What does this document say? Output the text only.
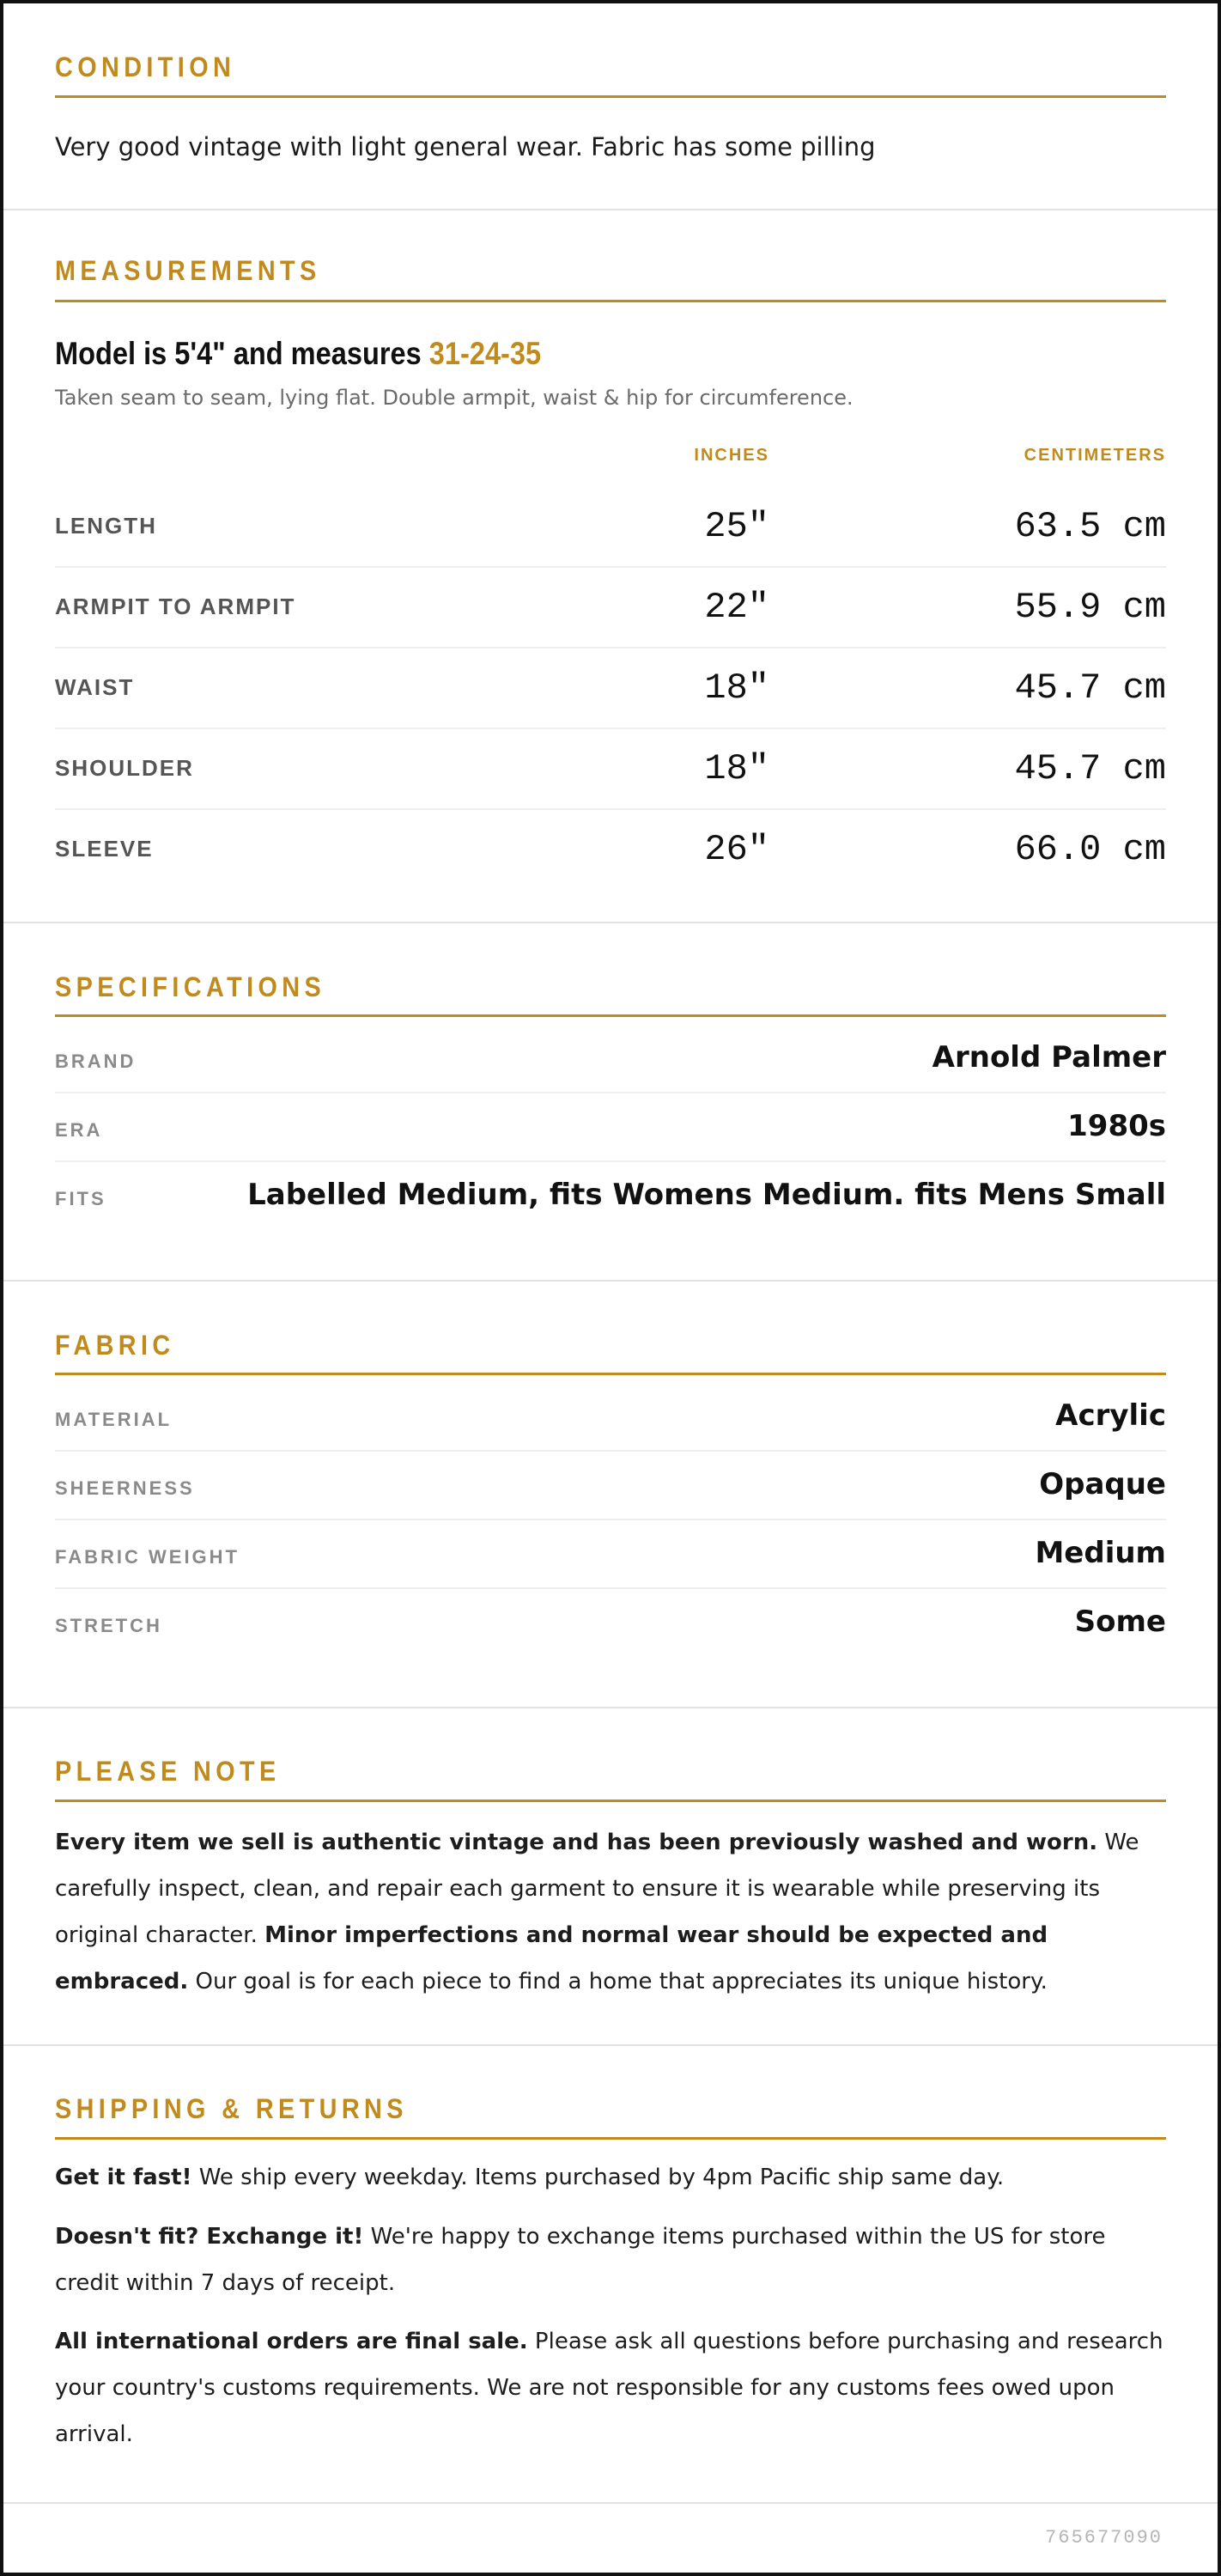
CONDITION
Very good vintage with light general wear. Fabric has some pilling
MEASUREMENTS
Model is 5'4" and measures 31-24-35
Taken seam to seam, lying flat. Double armpit, waist & hip for circumference.
INCHES	CENTIMETERS
LENGTH	25"	63.5 cm
ARMPIT TO ARMPIT	22"	55.9 cm
WAIST	18"	45.7 cm
SHOULDER	18"	45.7 cm
SLEEVE	26"	66.0 cm
SPECIFICATIONS
BRAND	Arnold Palmer
ERA	1980s
FITS	Labelled Medium, fits Womens Medium. fits Mens Small
FABRIC
MATERIAL	Acrylic
SHEERNESS	Opaque
FABRIC WEIGHT	Medium
STRETCH	Some
PLEASE NOTE

Every item we sell is authentic vintage and has been previously washed and worn. We carefully inspect, clean, and repair each garment to ensure it is wearable while preserving its original character. Minor imperfections and normal wear should be expected and embraced. Our goal is for each piece to find a home that appreciates its unique history.

SHIPPING & RETURNS

Get it fast! We ship every weekday. Items purchased by 4pm Pacific ship same day.

Doesn't fit? Exchange it! We're happy to exchange items purchased within the US for store credit within 7 days of receipt.

All international orders are final sale. Please ask all questions before purchasing and research your country's customs requirements. We are not responsible for any customs fees owed upon arrival.

765677090
